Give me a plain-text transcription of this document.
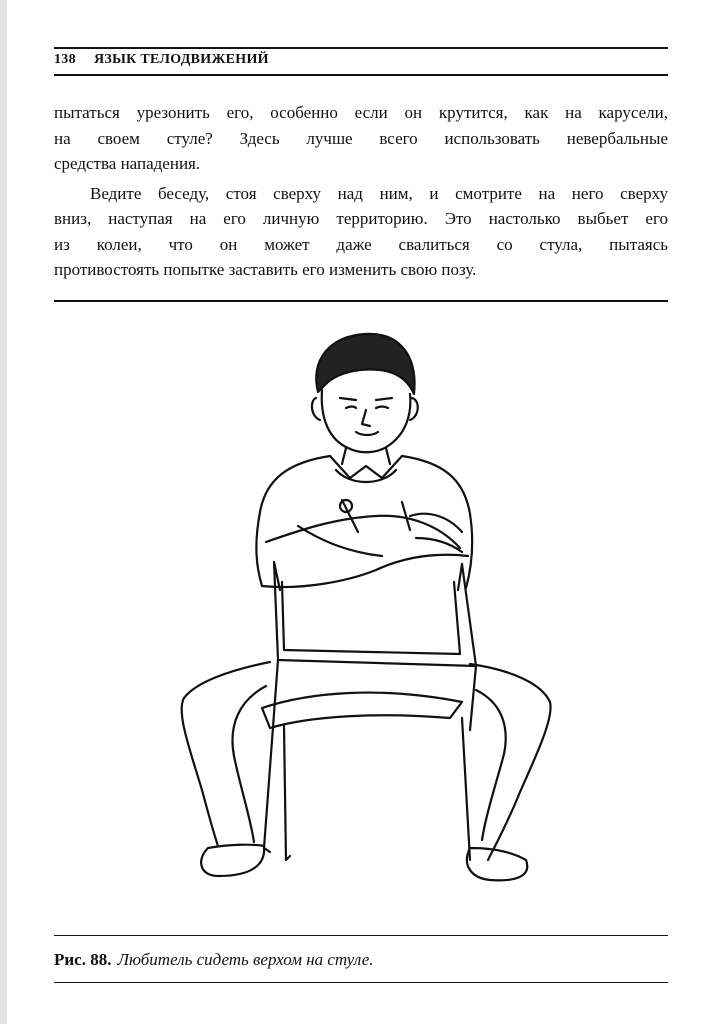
138 ЯЗЫК ТЕЛОДВИЖЕНИЙ

пытаться урезонить его, особенно если он крутится, как на карусели,
на своем стуле? Здесь лучше всего использовать невербальные
средства нападения.

Ведите беседу, стоя сверху над ним, и смотрите на него сверху
вниз, наступая на его личную территорию. Это настолько выбьет его
из колеи, что он может даже свалиться со стула, пытаясь
противостоять попытке заставить его изменить свою позу.

Рис. 88. Любитель сидеть верхом на стуле.
